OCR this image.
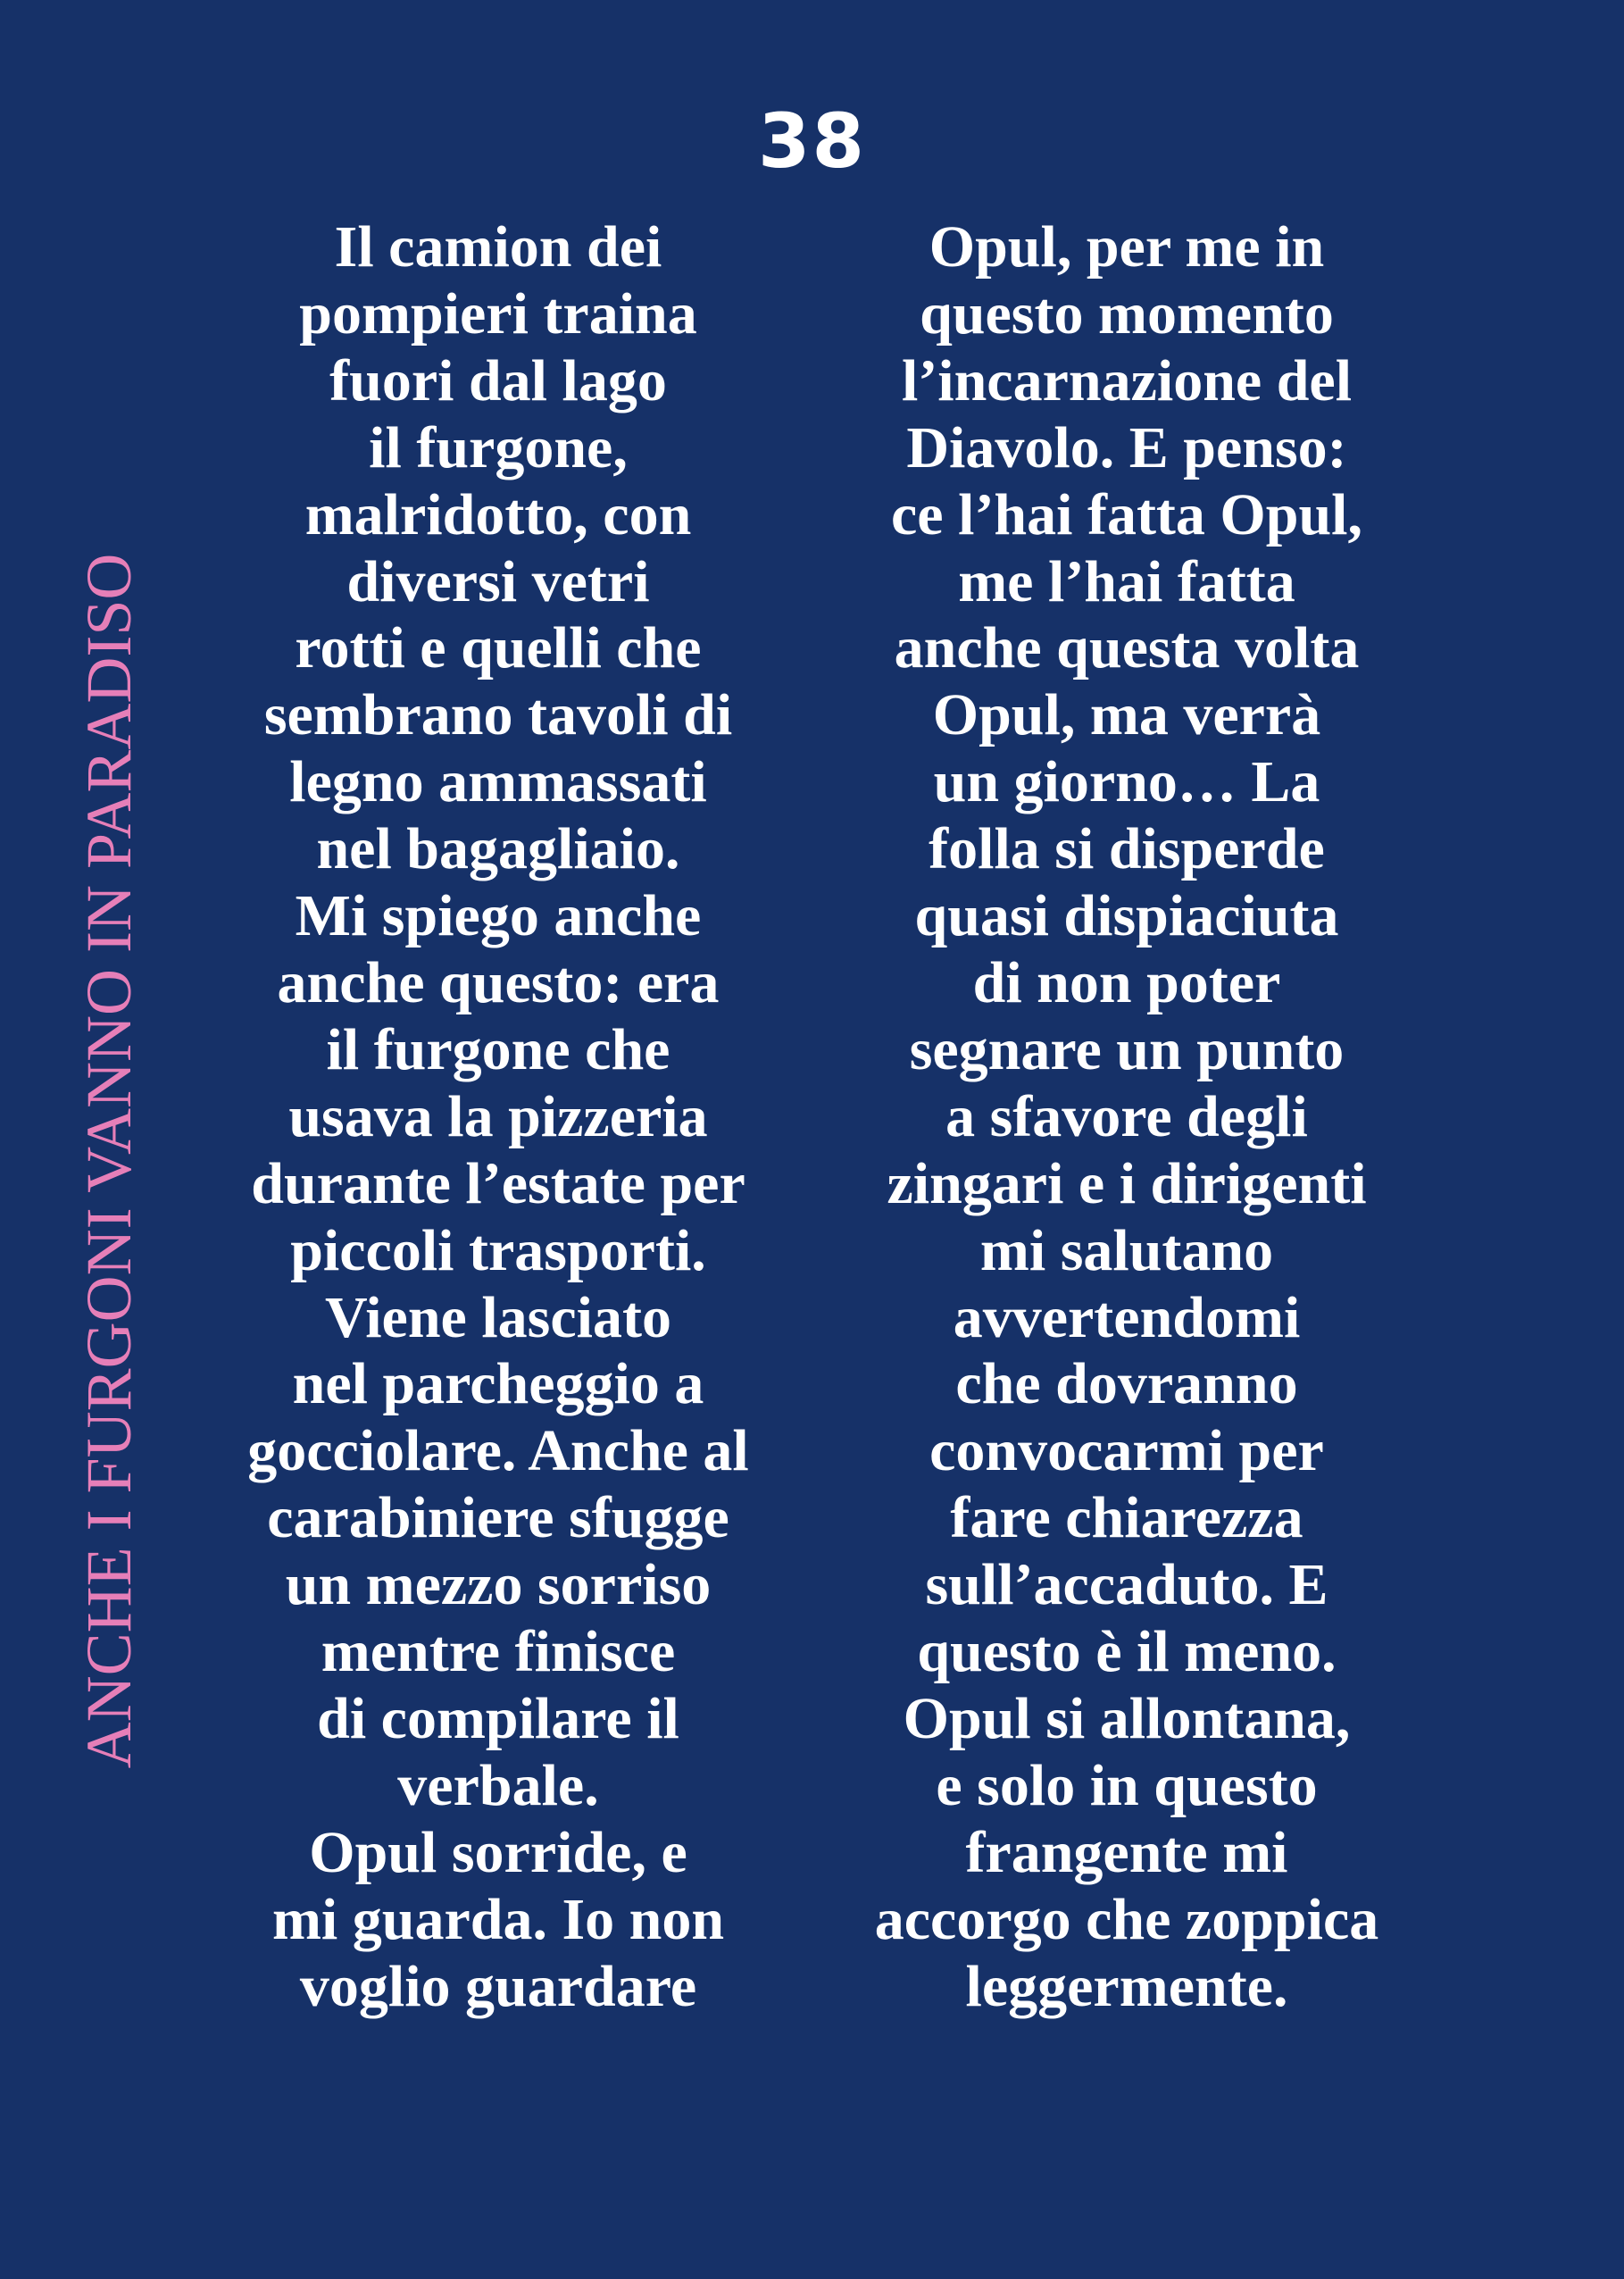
38
ANCHE I FURGONI VANNO IN PARADISO
Il camion dei
pompieri traina
fuori dal lago
il furgone,
malridotto, con
diversi vetri
rotti e quelli che
sembrano tavoli di
legno ammassati
nel bagagliaio.
Mi spiego anche
anche questo: era
il furgone che
usava la pizzeria
durante l’estate per
piccoli trasporti.
Viene lasciato
nel parcheggio a
gocciolare. Anche al
carabiniere sfugge
un mezzo sorriso
mentre finisce
di compilare il
verbale.
Opul sorride, e
mi guarda. Io non
voglio guardare
Opul, per me in
questo momento
l’incarnazione del
Diavolo. E penso:
ce l’hai fatta Opul,
me l’hai fatta
anche questa volta
Opul, ma verrà
un giorno… La
folla si disperde
quasi dispiaciuta
di non poter
segnare un punto
a sfavore degli
zingari e i dirigenti
mi salutano
avvertendomi
che dovranno
convocarmi per
fare chiarezza
sull’accaduto. E
questo è il meno.
Opul si allontana,
e solo in questo
frangente mi
accorgo che zoppica
leggermente.
